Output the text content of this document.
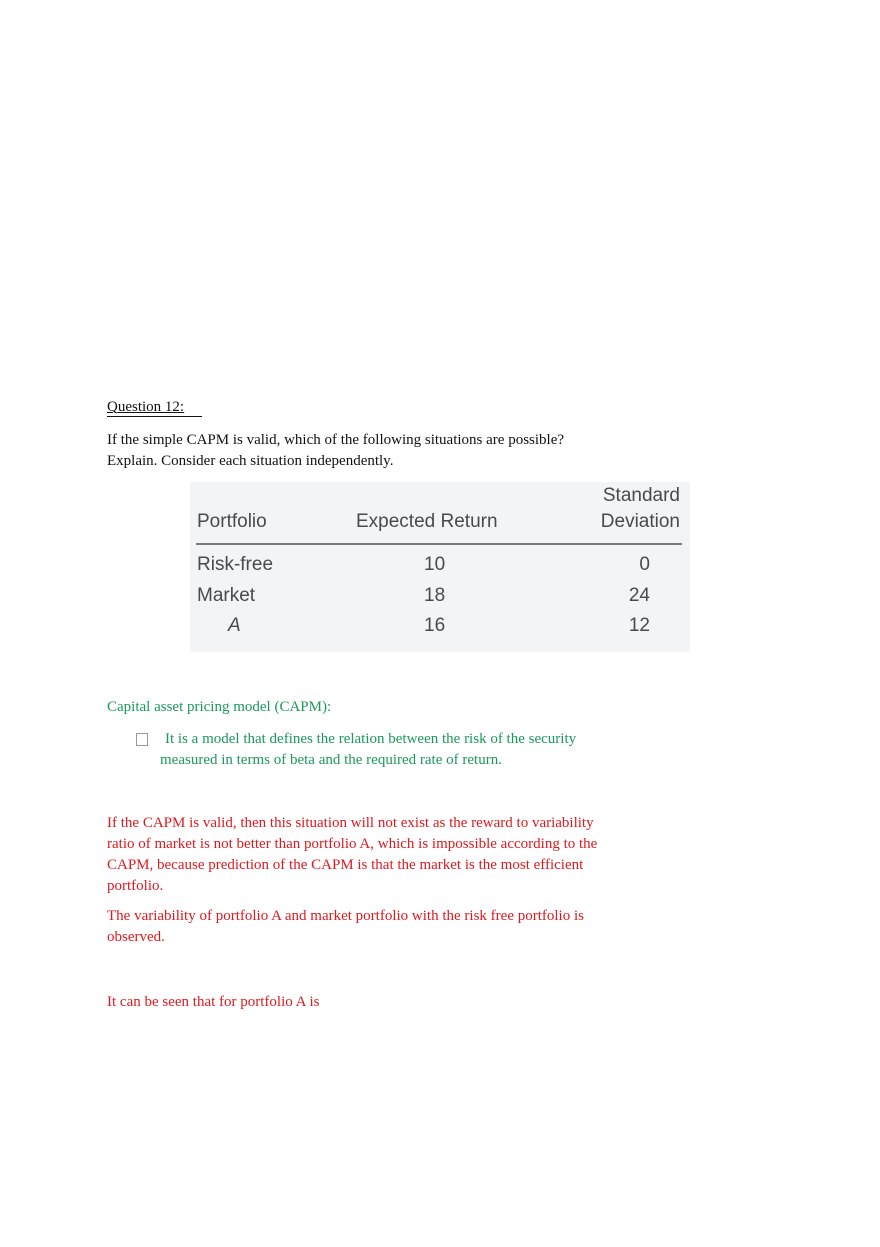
Question 12:
If the simple CAPM is valid, which of the following situations are possible?
Explain. Consider each situation independently.
Portfolio	Expected Return
Standard
Deviation
Risk-free	10	0
Market	18	24
A	16	12
Capital asset pricing model (CAPM):
It is a model that defines the relation between the risk of the security
measured in terms of beta and the required rate of return.
If the CAPM is valid, then this situation will not exist as the reward to variability
ratio of market is not better than portfolio A, which is impossible according to the
CAPM, because prediction of the CAPM is that the market is the most efficient
portfolio.
The variability of portfolio A and market portfolio with the risk free portfolio is
observed.
It can be seen that for portfolio A is
